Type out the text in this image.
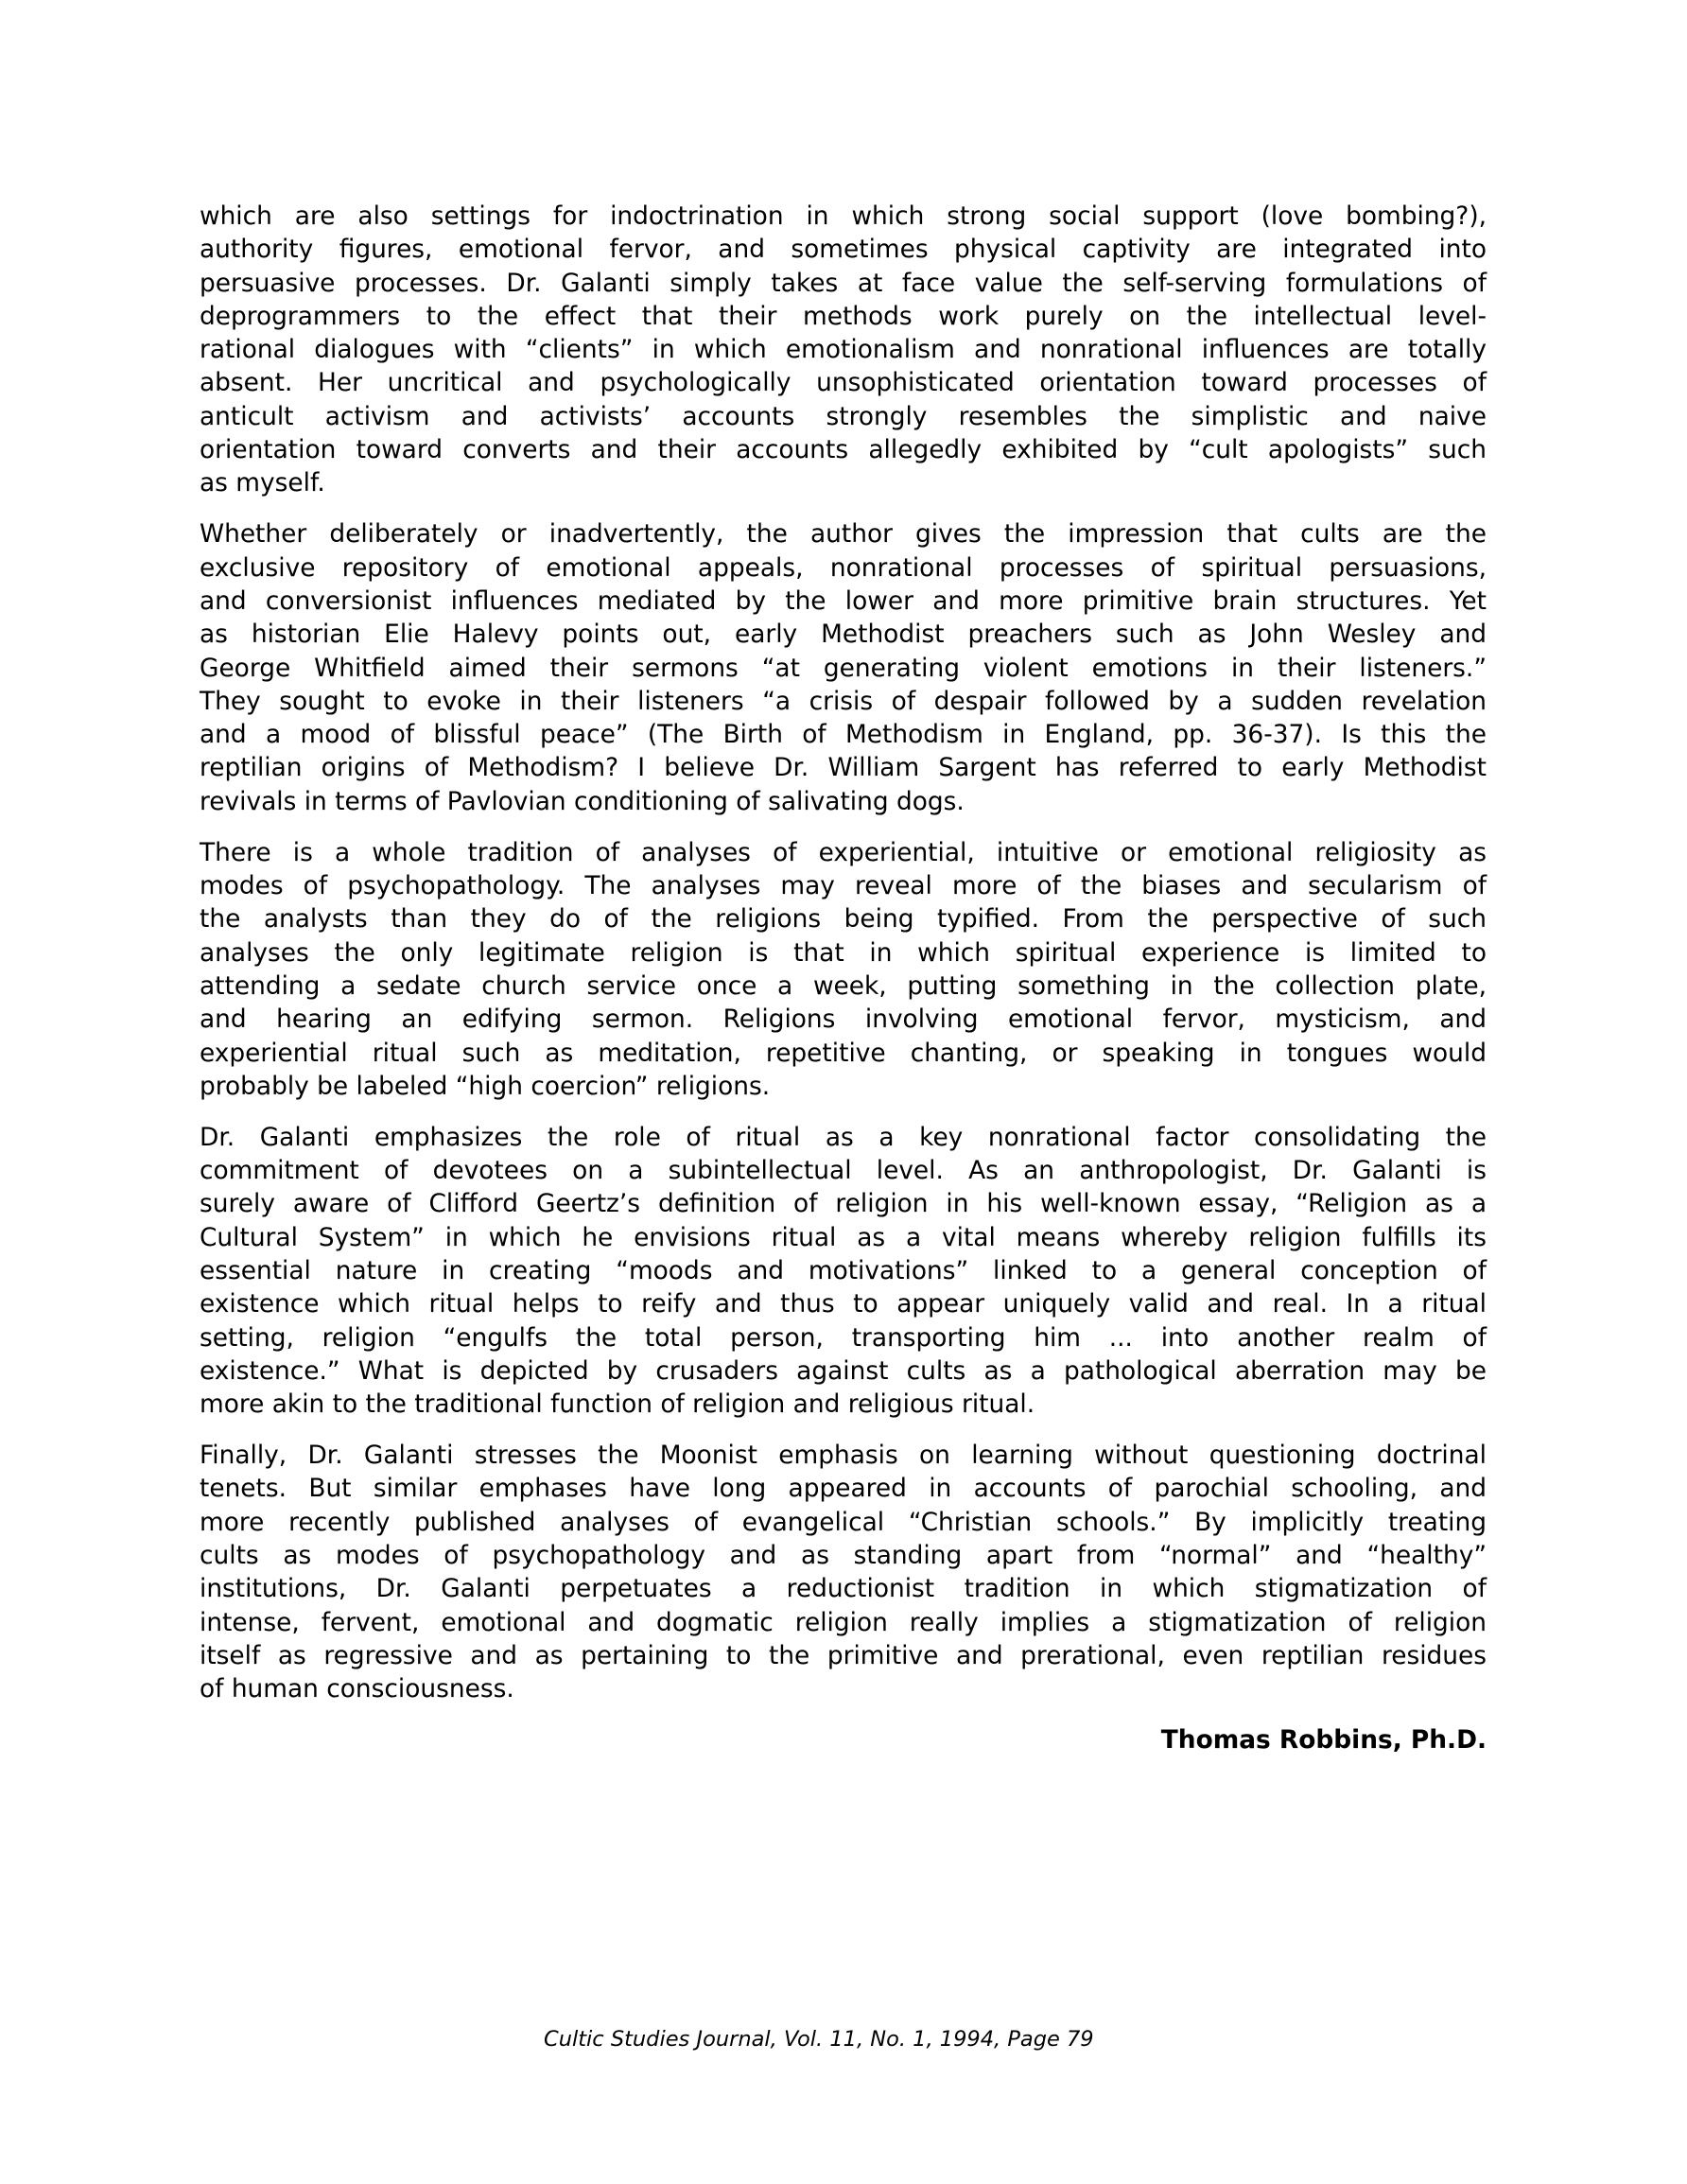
which are also settings for indoctrination in which strong social support (love bombing?),
authority figures, emotional fervor, and sometimes physical captivity are integrated into
persuasive processes. Dr. Galanti simply takes at face value the self-serving formulations of
deprogrammers to the effect that their methods work purely on the intellectual level-
rational dialogues with “clients” in which emotionalism and nonrational influences are totally
absent. Her uncritical and psychologically unsophisticated orientation toward processes of
anticult activism and activists’ accounts strongly resembles the simplistic and naive
orientation toward converts and their accounts allegedly exhibited by “cult apologists” such
as myself.
Whether deliberately or inadvertently, the author gives the impression that cults are the
exclusive repository of emotional appeals, nonrational processes of spiritual persuasions,
and conversionist influences mediated by the lower and more primitive brain structures. Yet
as historian Elie Halevy points out, early Methodist preachers such as John Wesley and
George Whitfield aimed their sermons “at generating violent emotions in their listeners.”
They sought to evoke in their listeners “a crisis of despair followed by a sudden revelation
and a mood of blissful peace” (The Birth of Methodism in England, pp. 36-37). Is this the
reptilian origins of Methodism? I believe Dr. William Sargent has referred to early Methodist
revivals in terms of Pavlovian conditioning of salivating dogs.
There is a whole tradition of analyses of experiential, intuitive or emotional religiosity as
modes of psychopathology. The analyses may reveal more of the biases and secularism of
the analysts than they do of the religions being typified. From the perspective of such
analyses the only legitimate religion is that in which spiritual experience is limited to
attending a sedate church service once a week, putting something in the collection plate,
and hearing an edifying sermon. Religions involving emotional fervor, mysticism, and
experiential ritual such as meditation, repetitive chanting, or speaking in tongues would
probably be labeled “high coercion” religions.
Dr. Galanti emphasizes the role of ritual as a key nonrational factor consolidating the
commitment of devotees on a subintellectual level. As an anthropologist, Dr. Galanti is
surely aware of Clifford Geertz’s definition of religion in his well-known essay, “Religion as a
Cultural System” in which he envisions ritual as a vital means whereby religion fulfills its
essential nature in creating “moods and motivations” linked to a general conception of
existence which ritual helps to reify and thus to appear uniquely valid and real. In a ritual
setting, religion “engulfs the total person, transporting him ... into another realm of
existence.” What is depicted by crusaders against cults as a pathological aberration may be
more akin to the traditional function of religion and religious ritual.
Finally, Dr. Galanti stresses the Moonist emphasis on learning without questioning doctrinal
tenets. But similar emphases have long appeared in accounts of parochial schooling, and
more recently published analyses of evangelical “Christian schools.” By implicitly treating
cults as modes of psychopathology and as standing apart from “normal” and “healthy”
institutions, Dr. Galanti perpetuates a reductionist tradition in which stigmatization of
intense, fervent, emotional and dogmatic religion really implies a stigmatization of religion
itself as regressive and as pertaining to the primitive and prerational, even reptilian residues
of human consciousness.
Thomas Robbins, Ph.D.
Cultic Studies Journal, Vol. 11, No. 1, 1994, Page 79
